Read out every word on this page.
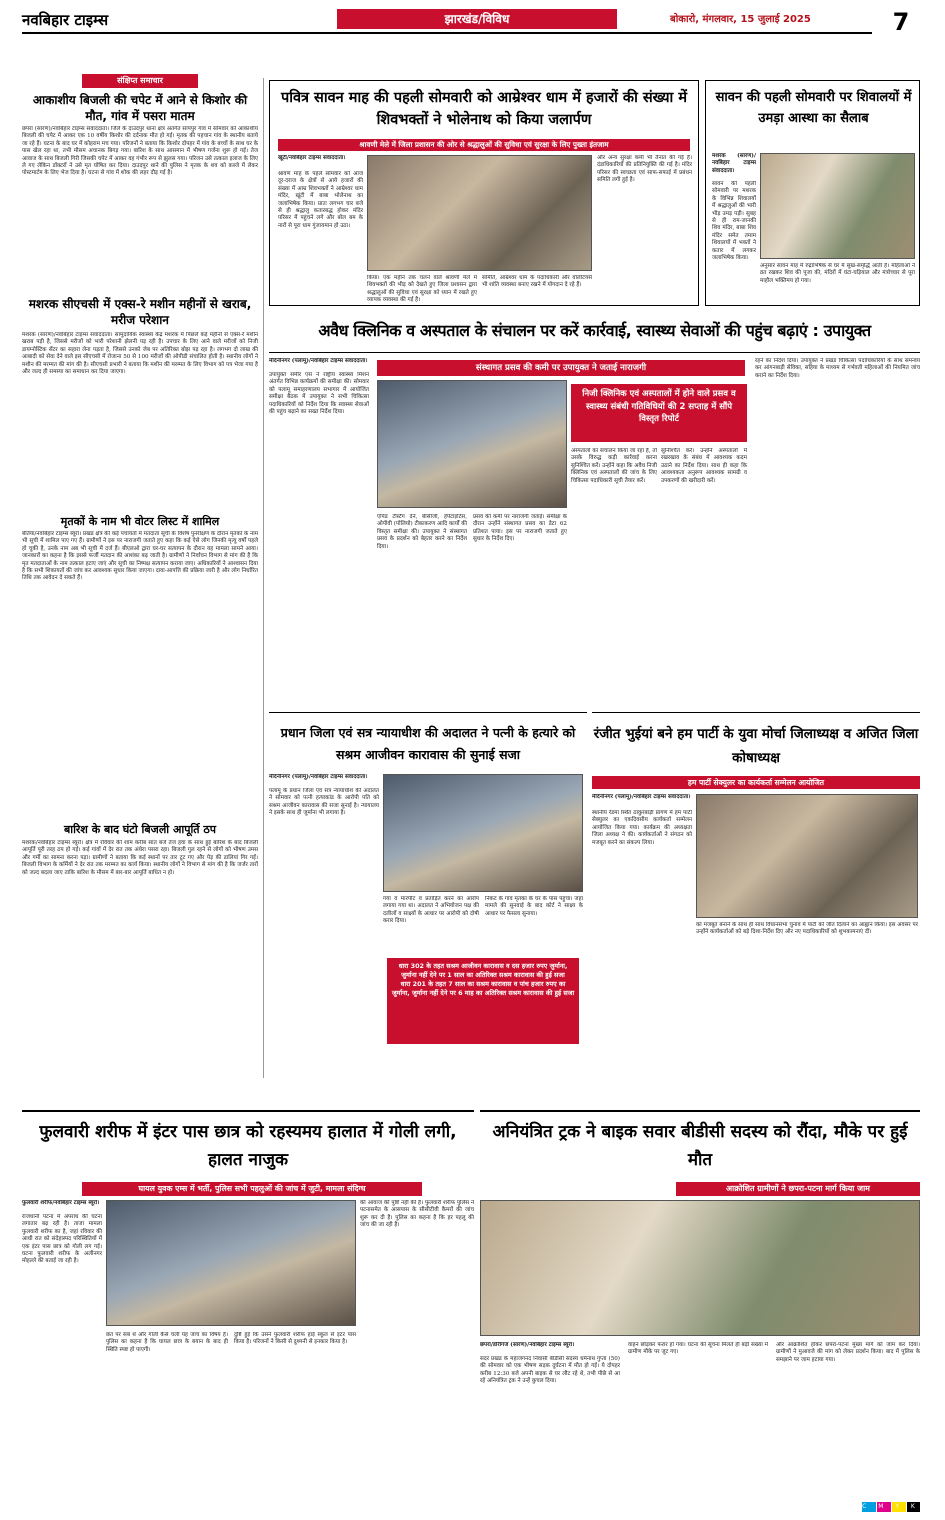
नवबिहार टाइम्स	झारखंड/विविध	बोकारो, मंगलवार, 15 जुलाई 2025	7
संक्षिप्त समाचार
आकाशीय बिजली की चपेट में आने से किशोर की मौत, गांव में पसरा मातम
छपरा (सारण)/नवबिहार टाइम्स संवाददाता। जिले के दाउदपुर थाना क्षेत्र अंतर्गत सापपुर गांव में सोमवार को आकाशीय बिजली की चपेट में आकर एक 10 वर्षीय किशोर की दर्दनाक मौत हो गई। मृतक की पहचान गांव के स्थानीय बताये जा रहे हैं। घटना के बाद घर में कोहराम मच गया। परिजनों ने बताया कि किशोर दोपहर में गांव के बच्चों के साथ घर के पास खेल रहा था, तभी मौसम अचानक बिगड़ गया। बारिश के साथ आसमान में भीषण गर्जना शुरू हो गई। तेज आवाज के साथ बिजली गिरी जिसकी चपेट में आकर वह गंभीर रूप से झुलस गया। परिजन उसे तत्काल इलाज के लिए ले गए लेकिन डॉक्टरों ने उसे मृत घोषित कर दिया। दाउदपुर थाने की पुलिस ने मृतक के शव को कब्जे में लेकर पोस्टमार्टम के लिए भेज दिया है। घटना से गांव में शोक की लहर दौड़ गई है।
मशरक सीएचसी में एक्स-रे मशीन महीनों से खराब, मरीज परेशान
मशरक (सारण)/नवबिहार टाइम्स संवाददाता। सामुदायिक स्वास्थ्य केंद्र मशरक में पिछले कई महीनों से एक्स-रे मशीन खराब पड़ी है, जिससे मरीजों को भारी परेशानी झेलनी पड़ रही है। उपचार के लिए आने वाले मरीजों को निजी डायग्नोस्टिक सेंटर का सहारा लेना पड़ता है, जिससे उनको जेब पर अतिरिक्त बोझ पड़ रहा है। लगभग दो लाख की आबादी को सेवा देने वाले इस सीएचसी में रोजाना 50 से 100 मरीजों की ओपीडी संचालित होती है। स्थानीय लोगों ने मशीन की मरम्मत की मांग की है। सीएचसी प्रभारी ने बताया कि मशीन की मरम्मत के लिए विभाग को पत्र भेजा गया है और जल्द ही समस्या का समाधान कर दिया जाएगा।
मृतकों के नाम भी वोटर लिस्ट में शामिल
बेतिया/नवबिहार टाइम्स ब्यूरो। प्रखंड क्षेत्र की कई पंचायतों में मतदाता सूची के विशेष पुनरीक्षण के दौरान मृतकों के नाम भी सूची में शामिल पाए गए हैं। ग्रामीणों ने इस पर नाराजगी जताते हुए कहा कि कई ऐसे लोग जिनकी मृत्यु वर्षों पहले हो चुकी है, उनके नाम अब भी सूची में दर्ज हैं। बीएलओ द्वारा घर-घर सत्यापन के दौरान यह मामला सामने आया। जानकारों का कहना है कि इससे फर्जी मतदान की आशंका बढ़ जाती है। ग्रामीणों ने निर्वाचन विभाग से मांग की है कि मृत मतदाताओं के नाम तत्काल हटाए जाएं और सूची का निष्पक्ष सत्यापन कराया जाए। अधिकारियों ने आश्वासन दिया है कि सभी शिकायतों की जांच कर आवश्यक सुधार किया जाएगा। दावा-आपत्ति की प्रक्रिया जारी है और लोग निर्धारित तिथि तक आवेदन दे सकते हैं।
बारिश के बाद घंटो बिजली आपूर्ति ठप
मशरक/नवबिहार टाइम्स ब्यूरो। क्षेत्र में रविवार की शाम करीब सात बजे तेज हवा के साथ हुई बारिश के बाद बिजली आपूर्ति पूरी तरह ठप हो गई। कई गांवों में देर रात तक अंधेरा पसरा रहा। बिजली गुल रहने से लोगों को भीषण उमस और गर्मी का सामना करना पड़ा। ग्रामीणों ने बताया कि कई स्थानों पर तार टूट गए और पेड़ की डालियां गिर गईं। बिजली विभाग के कर्मियों ने देर रात तक मरम्मत का कार्य किया। स्थानीय लोगों ने विभाग से मांग की है कि जर्जर तारों को जल्द बदला जाए ताकि बारिश के मौसम में बार-बार आपूर्ति बाधित न हो।
पवित्र सावन माह की पहली सोमवारी को आम्रेश्वर धाम में हजारों की संख्या में शिवभक्तों ने भोलेनाथ को किया जलार्पण
श्रावणी मेले में जिला प्रशासन की ओर से श्रद्धालुओं की सुविधा एवं सुरक्षा के लिए पुख्ता इंतजाम
खूंटी/नवबिहार टाइम्स संवाददाता।
श्रावण माह के पहले सोमवार को आज दूर-दराज के क्षेत्रों से आये हजारों की संख्या में आम्र शिवभक्तों ने आम्रेश्वर धाम मंदिर, खूंटी में बाबा भोलेनाथ का जलाभिषेक किया। प्रातः लगभग चार बजे से ही श्रद्धालु कतारबद्ध होकर मंदिर परिसर में पहुंचने लगे और बोल बम के नारों से पूरा धाम गुंजायमान हो उठा।
किया। एक महीने तक चलने वाले श्रावणी मेले में शिवभक्तों की भीड़ को देखते हुए जिला प्रशासन द्वारा श्रद्धालुओं की सुविधा एवं सुरक्षा को ध्यान में रखते हुए व्यापक व्यवस्था की गई है।
समिति, आम्रेश्वर धाम के पदाधिकारी और वॉलेंटियर्स भी शांति व्यवस्था बनाए रखने में योगदान दे रहे हैं।
और अन्य सुरक्षा कर्मी भी तैनात की गई है। दंडाधिकारियों की प्रतिनियुक्ति की गई है। मंदिर परिसर की स्वच्छता एवं साफ-सफाई में प्रबंधन समिति लगी हुई है।
सावन की पहली सोमवारी पर शिवालयों में उमड़ा आस्था का सैलाब
मशरक (सारण)/नवबिहार टाइम्स संवाददाता।
सावन की पहली सोमवारी पर मशरक के विभिन्न शिवालयों में श्रद्धालुओं की भारी भीड़ उमड़ पड़ी। सुबह से ही राम-जानकी शिव मंदिर, बाबा शिव मंदिर समेत तमाम शिवालयों में भक्तों ने कतार में लगकर जलाभिषेक किया।
अनुसार सावन माह में रुद्राभिषेक से घर में सुख-समृद्धि आती है। महिलाओं ने व्रत रखकर शिव की पूजा की, मंदिरों में घंटा-घड़ियाल और मंत्रोच्चार से पूरा माहौल भक्तिमय हो गया।
अवैध क्लिनिक व अस्पताल के संचालन पर करें कार्रवाई, स्वास्थ्य सेवाओं की पहुंच बढ़ाएं : उपायुक्त
मेदिनीनगर (पलामू)/नवबिहार टाइम्स संवाददाता।
उपायुक्त समीर एस ने राष्ट्रीय स्वास्थ्य मिशन अंतर्गत विभिन्न कार्यक्रमों की समीक्षा की। सोमवार को पलामू समाहरणालय सभागार में आयोजित समीक्षा बैठक में उपायुक्त ने सभी चिकित्सा पदाधिकारियों को निर्देश दिया कि स्वास्थ्य सेवाओं की पहुंच बढ़ाने का सख्त निर्देश दिया।
संस्थागत प्रसव की कमी पर उपायुक्त ने जताई नाराजगी
निजी क्लिनिक एवं अस्पतालों में होने वाले प्रसव व स्वास्थ्य संबंधी गतिविधियों की 2 सप्ताह में सौंपे विस्तृत रिपोर्ट
एपिड टेस्टिंग देने, बीसीजी, हेपेटाइटिस, ओपीवी (पोलियो) टीकाकरण आदि कार्यों की विस्तृत समीक्षा की। उपायुक्त ने संस्थागत प्रसव के प्रदर्शन को बेहतर करने का निर्देश दिया।
प्रसव की कमी पर नाराजगी जताई। समीक्षा के दौरान उन्होंने संस्थागत प्रसव का डेटा 62 प्रतिशत पाया। इस पर नाराजगी जताते हुए सुधार के निर्देश दिए।
अस्पतालों का संचालन किया जा रहा है, तो उसके विरुद्ध कड़ी कार्रवाई करना सुनिश्चित करें। उन्होंने कहा कि अवैध निजी क्लिनिक एवं अस्पतालों की जांच के लिए चिकित्सा पदाधिकारी सूची तैयार करें।
सुनिश्चित करें। उन्होंने अस्पतालों में रखरखाव के संबंध में आवश्यक कदम उठाने का निर्देश दिया। साथ ही कहा कि आवश्यकता अनुरूप आवश्यक सामग्री व उपकरणों की खरीदारी करें।
रहने का निर्देश दिया। उपायुक्त ने प्रखंड चिकित्सा पदाधिकारियों के साथ समन्वय कर आंगनबाड़ी सेविका, सहिया के माध्यम से गर्भवती महिलाओं की नियमित जांच कराने का निर्देश दिया।
प्रधान जिला एवं सत्र न्यायाधीश की अदालत ने पत्नी के हत्यारे को सश्रम आजीवन कारावास की सुनाई सजा
मेदिनीनगर (पलामू)/नवबिहार टाइम्स संवाददाता।
पलामू के प्रधान जिला एवं सत्र न्यायाधीश की अदालत ने सोमवार को पत्नी हत्याकांड के आरोपी पति को सश्रम आजीवन कारावास की सजा सुनाई है। न्यायालय ने इसके साथ ही जुर्माना भी लगाया है।
गया व मारपीट व प्रताड़ित करने का आरोप लगाया गया था। अदालत ने अभियोजन पक्ष की दलीलों व साक्ष्यों के आधार पर आरोपी को दोषी करार दिया।
निकट के गांव मृतका के घर के पास पहुंचा। जहां मामले की सुनवाई के बाद कोर्ट ने साक्ष्य के आधार पर फैसला सुनाया।
धारा 302 के तहत सश्रम आजीवन कारावास व दस हजार रुपए जुर्माना, जुर्माना नहीं देने पर 1 साल का अतिरिक्त सश्रम कारावास की हुई सजा
धारा 201 के तहत 7 साल का सश्रम कारावास व पांच हजार रुपए का जुर्माना, जुर्माना नहीं देने पर 6 माह का अतिरिक्त सश्रम कारावास की हुई सजा
रंजीत भुईयां बने हम पार्टी के युवा मोर्चा जिलाध्यक्ष व अजित जिला कोषाध्यक्ष
हम पार्टी सेक्युलर का कार्यकर्ता सम्मेलन आयोजित
मेदिनीनगर (पलामू)/नवबिहार टाइम्स संवाददाता।
स्थानीय रेडमा स्थित ठाकुरबाड़ी प्रांगण में हम पार्टी सेक्युलर का एकदिवसीय कार्यकर्ता सम्मेलन आयोजित किया गया। कार्यक्रम की अध्यक्षता जिला अध्यक्ष ने की। कार्यकर्ताओं ने संगठन को मजबूत करने का संकल्प लिया।
को मजबूत बनाने के साथ ही साथ विधानसभा चुनाव में पार्टी को जीत दिलाने का आह्वान किया। इस अवसर पर उन्होंने कार्यकर्ताओं को बड़े दिशा-निर्देश दिए और नए पदाधिकारियों को शुभकामनाएं दीं।
फुलवारी शरीफ में इंटर पास छात्र को रहस्यमय हालात में गोली लगी, हालत नाजुक
घायल युवक एम्स में भर्ती, पुलिस सभी पहलुओं की जांच में जुटी, मामला संदिग्ध
फुलवारी शरीफ/नवबिहार टाइम्स ब्यूरो।
राजधानी पटना में अपराध की घटना लगातार बढ़ रही है। ताजा मामला फुलवारी शरीफ का है, जहां रविवार की आधी रात को संदेहास्पद परिस्थितियों में एक इंटर पास छात्र को गोली लग गई। घटना फुलवारी शरीफ के अलीनगर मोहल्ले की बताई जा रही है।
की आवाज की पुष्टि नहीं की है। फुलवारी शरीफ पुलिस ने पटनासमेत के आसपास के सीसीटीवी कैमरों की जांच शुरू कर दी है। पुलिस का कहना है कि हर पहलू की जांच की जा रही है।
छत पर सब थे और गोली कैसे चली यह जांच का विषय है। पुलिस का कहना है कि घायल छात्र के बयान के बाद ही स्थिति स्पष्ट हो पाएगी।
दुष्टि हुई कि उसने फुलवारी शरीफ हाई स्कूल से इंटर पास किया है। परिजनों ने किसी से दुश्मनी से इनकार किया है।
अनियंत्रित ट्रक ने बाइक सवार बीडीसी सदस्य को रौंदा, मौके पर हुई मौत
आक्रोशित ग्रामीणों ने छपरा-पटना मार्ग किया जाम
छपरा/डोरीगंज (सारण)/नवबिहार टाइम्स ब्यूरो।
सदर प्रखंड के महाजगनंद निवासी बीडीसी सदस्य धर्मनाथ गुप्ता (50) की सोमवार को एक भीषण सड़क दुर्घटना में मौत हो गई। ये दोपहर करीब 12:30 बजे अपनी बाइक से घर लौट रहे थे, तभी पीछे से आ रहे अनियंत्रित ट्रक ने उन्हें कुचल दिया।
वाहन छोड़कर फरार हो गया। घटना की सूचना मिलते ही बड़ी संख्या में ग्रामीण मौके पर जुट गए।
और आक्रोशित होकर छपरा-पटना मुख्य मार्ग को जाम कर दिया। ग्रामीणों ने मुआवजे की मांग को लेकर प्रदर्शन किया। बाद में पुलिस के समझाने पर जाम हटाया गया।
C M Y K
